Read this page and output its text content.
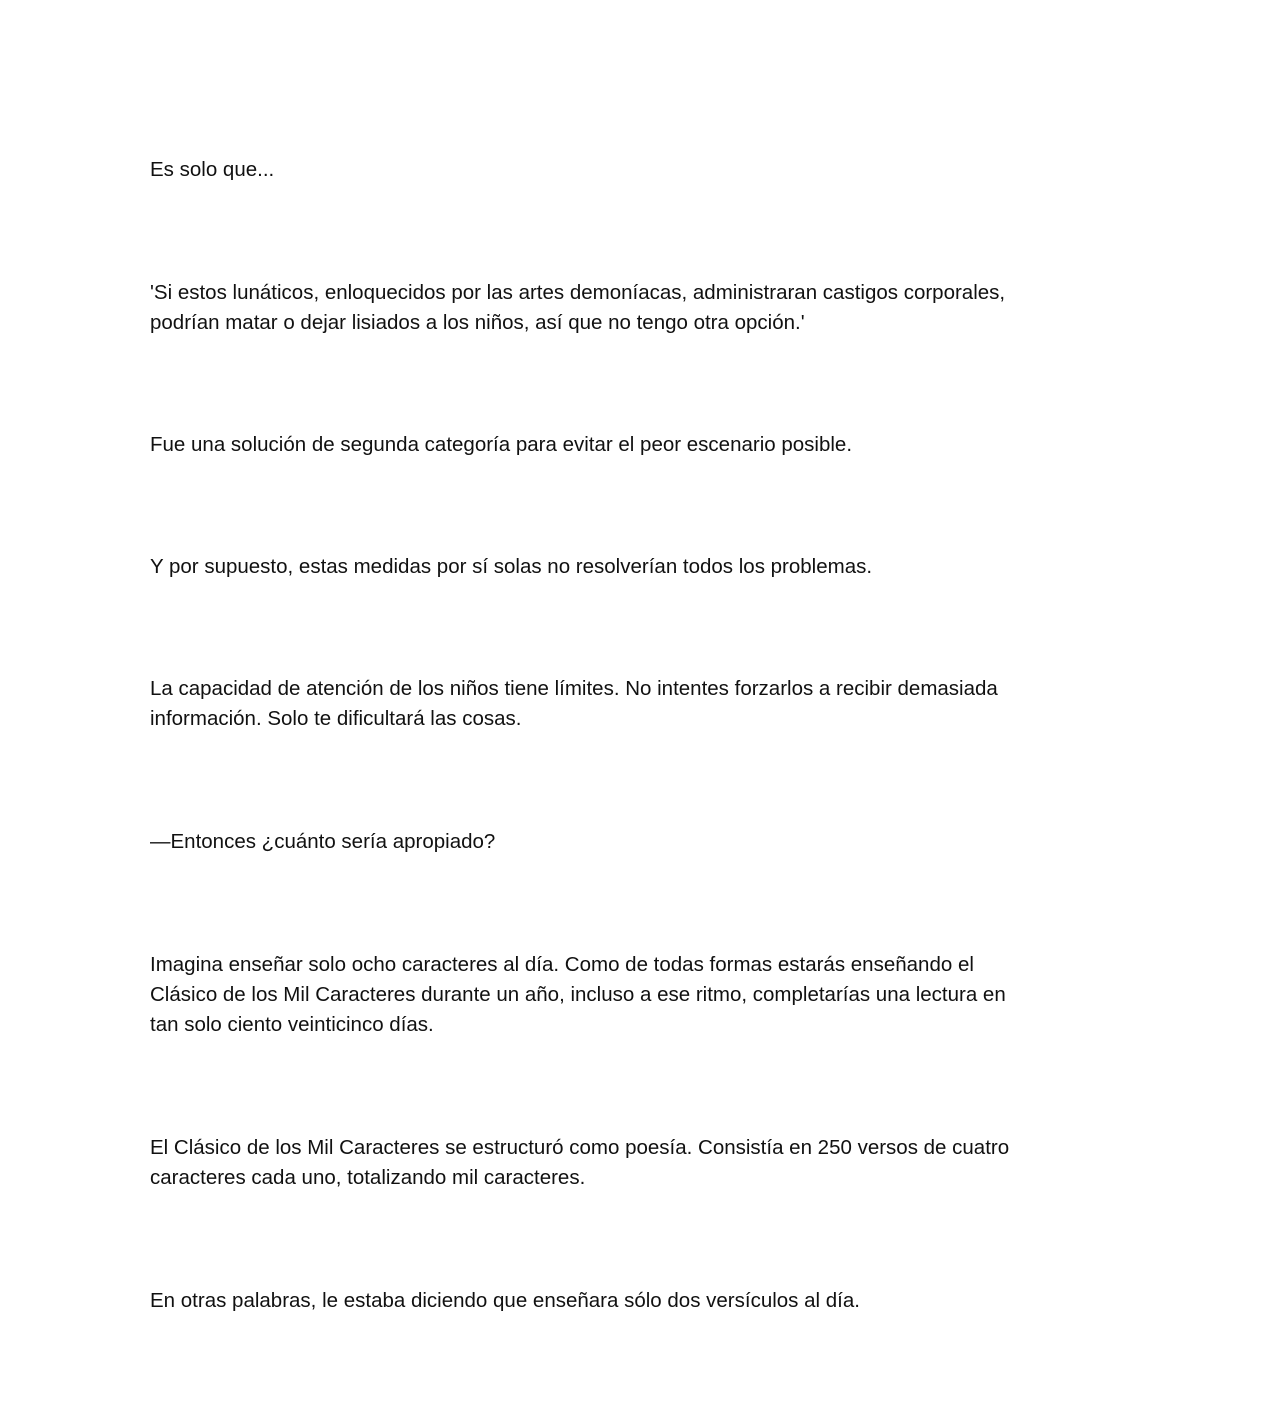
Es solo que...

'Si estos lunáticos, enloquecidos por las artes demoníacas, administraran castigos corporales,
podrían matar o dejar lisiados a los niños, así que no tengo otra opción.'

Fue una solución de segunda categoría para evitar el peor escenario posible.

Y por supuesto, estas medidas por sí solas no resolverían todos los problemas.

La capacidad de atención de los niños tiene límites. No intentes forzarlos a recibir demasiada
información. Solo te dificultará las cosas.

—Entonces ¿cuánto sería apropiado?

Imagina enseñar solo ocho caracteres al día. Como de todas formas estarás enseñando el
Clásico de los Mil Caracteres durante un año, incluso a ese ritmo, completarías una lectura en
tan solo ciento veinticinco días.

El Clásico de los Mil Caracteres se estructuró como poesía. Consistía en 250 versos de cuatro
caracteres cada uno, totalizando mil caracteres.

En otras palabras, le estaba diciendo que enseñara sólo dos versículos al día.
